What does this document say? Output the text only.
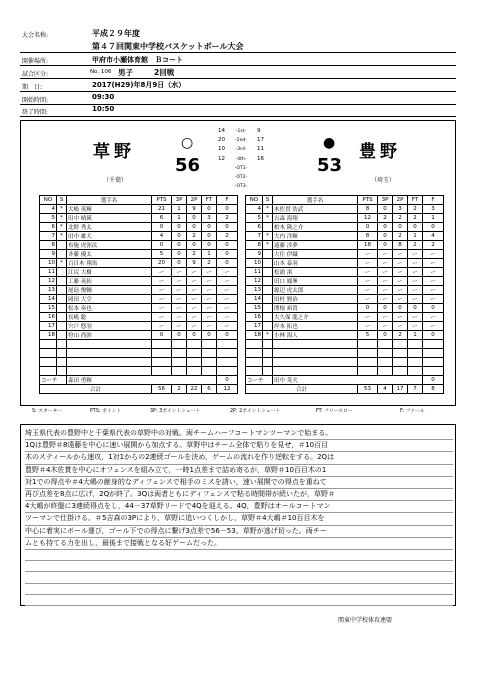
大会名称:	平成２９年度
第４７回関東中学校バスケットボール大会
開催場所:	甲府市小瀬体育館　Ｂコート
試合区分:	No. 106 男子	2回戦
期　日:	2017(H29)年8月9日（水）
開始時間:	09:30
終了時間:	10:50
草野
（千葉）
○
56
14 -1st- 9
20 -2nd- 17
10 -3rd- 11
12 -4th- 16
-OT1-
-OT2-
-OT3-
●
53
豊野
（埼玉）
NO	S	選手名	PTS	3P	2P	FT	F
4	*	大嶋 英輝	21	1	9	0	0
5	*	田中 晴瑛	6	1	0	3	2
6	*	北野 秀太	0	0	0	0	0
7	*	田中 雄大	4	0	2	0	2
8		布施 虎弥汰	0	0	0	0	0
9		斉藤 優太	5	0	2	1	0
10	*	百目木 翔馬	20	0	9	2	0
11		江尻 大樹	ー	ー	ー	ー	ー
12		工藤 英拓	ー	ー	ー	ー	ー
13		尾島 俊輔	ー	ー	ー	ー	ー
14		岡田 大空	ー	ー	ー	ー	ー
15		松本 奏也	ー	ー	ー	ー	ー
16		長嶋 聡	ー	ー	ー	ー	ー
17		宍戸 悠羽	ー	ー	ー	ー	ー
18		狩山 尚弥	0	0	0	0	0

コーチ		森田 勇輝					0
合計			56	2	22	6	12
NO	S	選手名	PTS	3P	2P	FT	F
4	*	木佐貫 浩武	8	0	3	2	3
5	*	吉森 海翔	12	2	2	2	1
6		柏木 隆之介	0	0	0	0	0
7	*	大内 洋輝	8	0	2	1	4
8	*	遠藤 涉夢	18	0	8	2	2
9		大住 伊織	ー	ー	ー	ー	ー
10		山本 泰羽	ー	ー	ー	ー	ー
11		松浦 渚	ー	ー	ー	ー	ー
12		田口 鳳峯	ー	ー	ー	ー	ー
13		源辺 虎太郎	ー	ー	ー	ー	ー
14		田村 賢治	ー	ー	ー	ー	ー
15		関根 裕貴	0	0	0	0	0
16		大久保 龍之介	ー	ー	ー	ー	ー
17		岸本 拓也	ー	ー	ー	ー	ー
18	*	小林 海人	5	0	2	1	0

コーチ		田中 英夫					0
合計			53	4	17	7	8
S: スターター	PTS: ポイント	3P: 3ポイントシュート	2P: 2ポイントシュート	FT: フリースロー	F: ファール
埼玉県代表の豊野中と千葉県代表の草野中の対戦。両チームハーフコートマンツーマンで始まる。
1Qは豊野＃8遠藤を中心に速い展開から加点する。草野中はチーム全体で粘りを見せ，＃10百目
木のスティールから速攻，1対1からの2連続ゴールを決め，ゲームの流れを作り逆転をする。2Qは
豊野＃4木佐貫を中心にオフェンスを組み立て，一時1点差まで詰め寄るが，草野＃10百目木の1
対1での得点や＃4大嶋の献身的なディフェンスで相手のミスを誘い，速い展開での得点を重ねて
再び点差を8点に広げ，2Qが終了。3Qは両者ともにディフェンスで粘る時間帯が続いたが，草野＃
4大嶋が終盤に3連続得点をし，44－37草野リードで4Qを迎える。4Q，豊野はオールコートマン
ツーマンで仕掛ける。＃5吉森の3Pにより，草野に追いつくしかし，草野＃4大嶋＃10百目木を
中心に着実にボール運び，ゴール下での得点に繋げ3点差で56－53。草野が逃げ切った。両チー
ムとも持てる力を出し，最後まで接戦となる好ゲームだった。
関東中学校体育連盟
